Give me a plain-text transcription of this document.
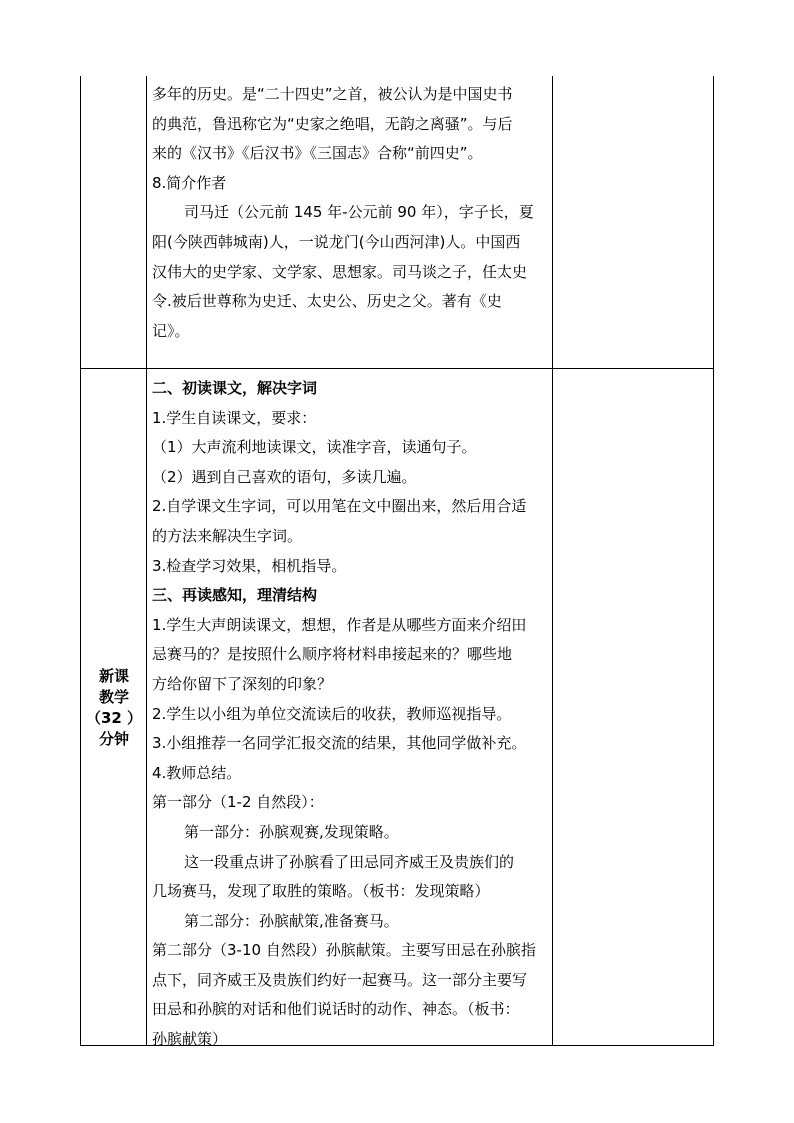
多年的历史。是“二十四史”之首，被公认为是中国史书

的典范，鲁迅称它为“史家之绝唱，无韵之离骚”。与后

来的《汉书》《后汉书》《三国志》合称“前四史”。

8.简介作者

司马迁（公元前 145 年-公元前 90 年），字子长，夏

阳(今陕西韩城南)人，一说龙门(今山西河津)人。中国西

汉伟大的史学家、文学家、思想家。司马谈之子，任太史

令.被后世尊称为史迁、太史公、历史之父。著有《史

记》。

新课
教学
（32 ）
分钟

二、初读课文，解决字词

1.学生自读课文，要求：

（1）大声流利地读课文，读准字音，读通句子。

（2）遇到自己喜欢的语句，多读几遍。

2.自学课文生字词，可以用笔在文中圈出来，然后用合适

的方法来解决生字词。

3.检查学习效果，相机指导。

三、再读感知，理清结构

1.学生大声朗读课文，想想，作者是从哪些方面来介绍田

忌赛马的？是按照什么顺序将材料串接起来的？哪些地

方给你留下了深刻的印象？

2.学生以小组为单位交流读后的收获，教师巡视指导。

3.小组推荐一名同学汇报交流的结果，其他同学做补充。

4.教师总结。

第一部分（1-2 自然段）：

第一部分：孙膑观赛,发现策略。

这一段重点讲了孙膑看了田忌同齐威王及贵族们的

几场赛马，发现了取胜的策略。（板书：发现策略）

第二部分：孙膑献策,准备赛马。

第二部分（3-10 自然段）孙膑献策。主要写田忌在孙膑指

点下，同齐威王及贵族们约好一起赛马。这一部分主要写

田忌和孙膑的对话和他们说话时的动作、神态。（板书：

孙膑献策）
